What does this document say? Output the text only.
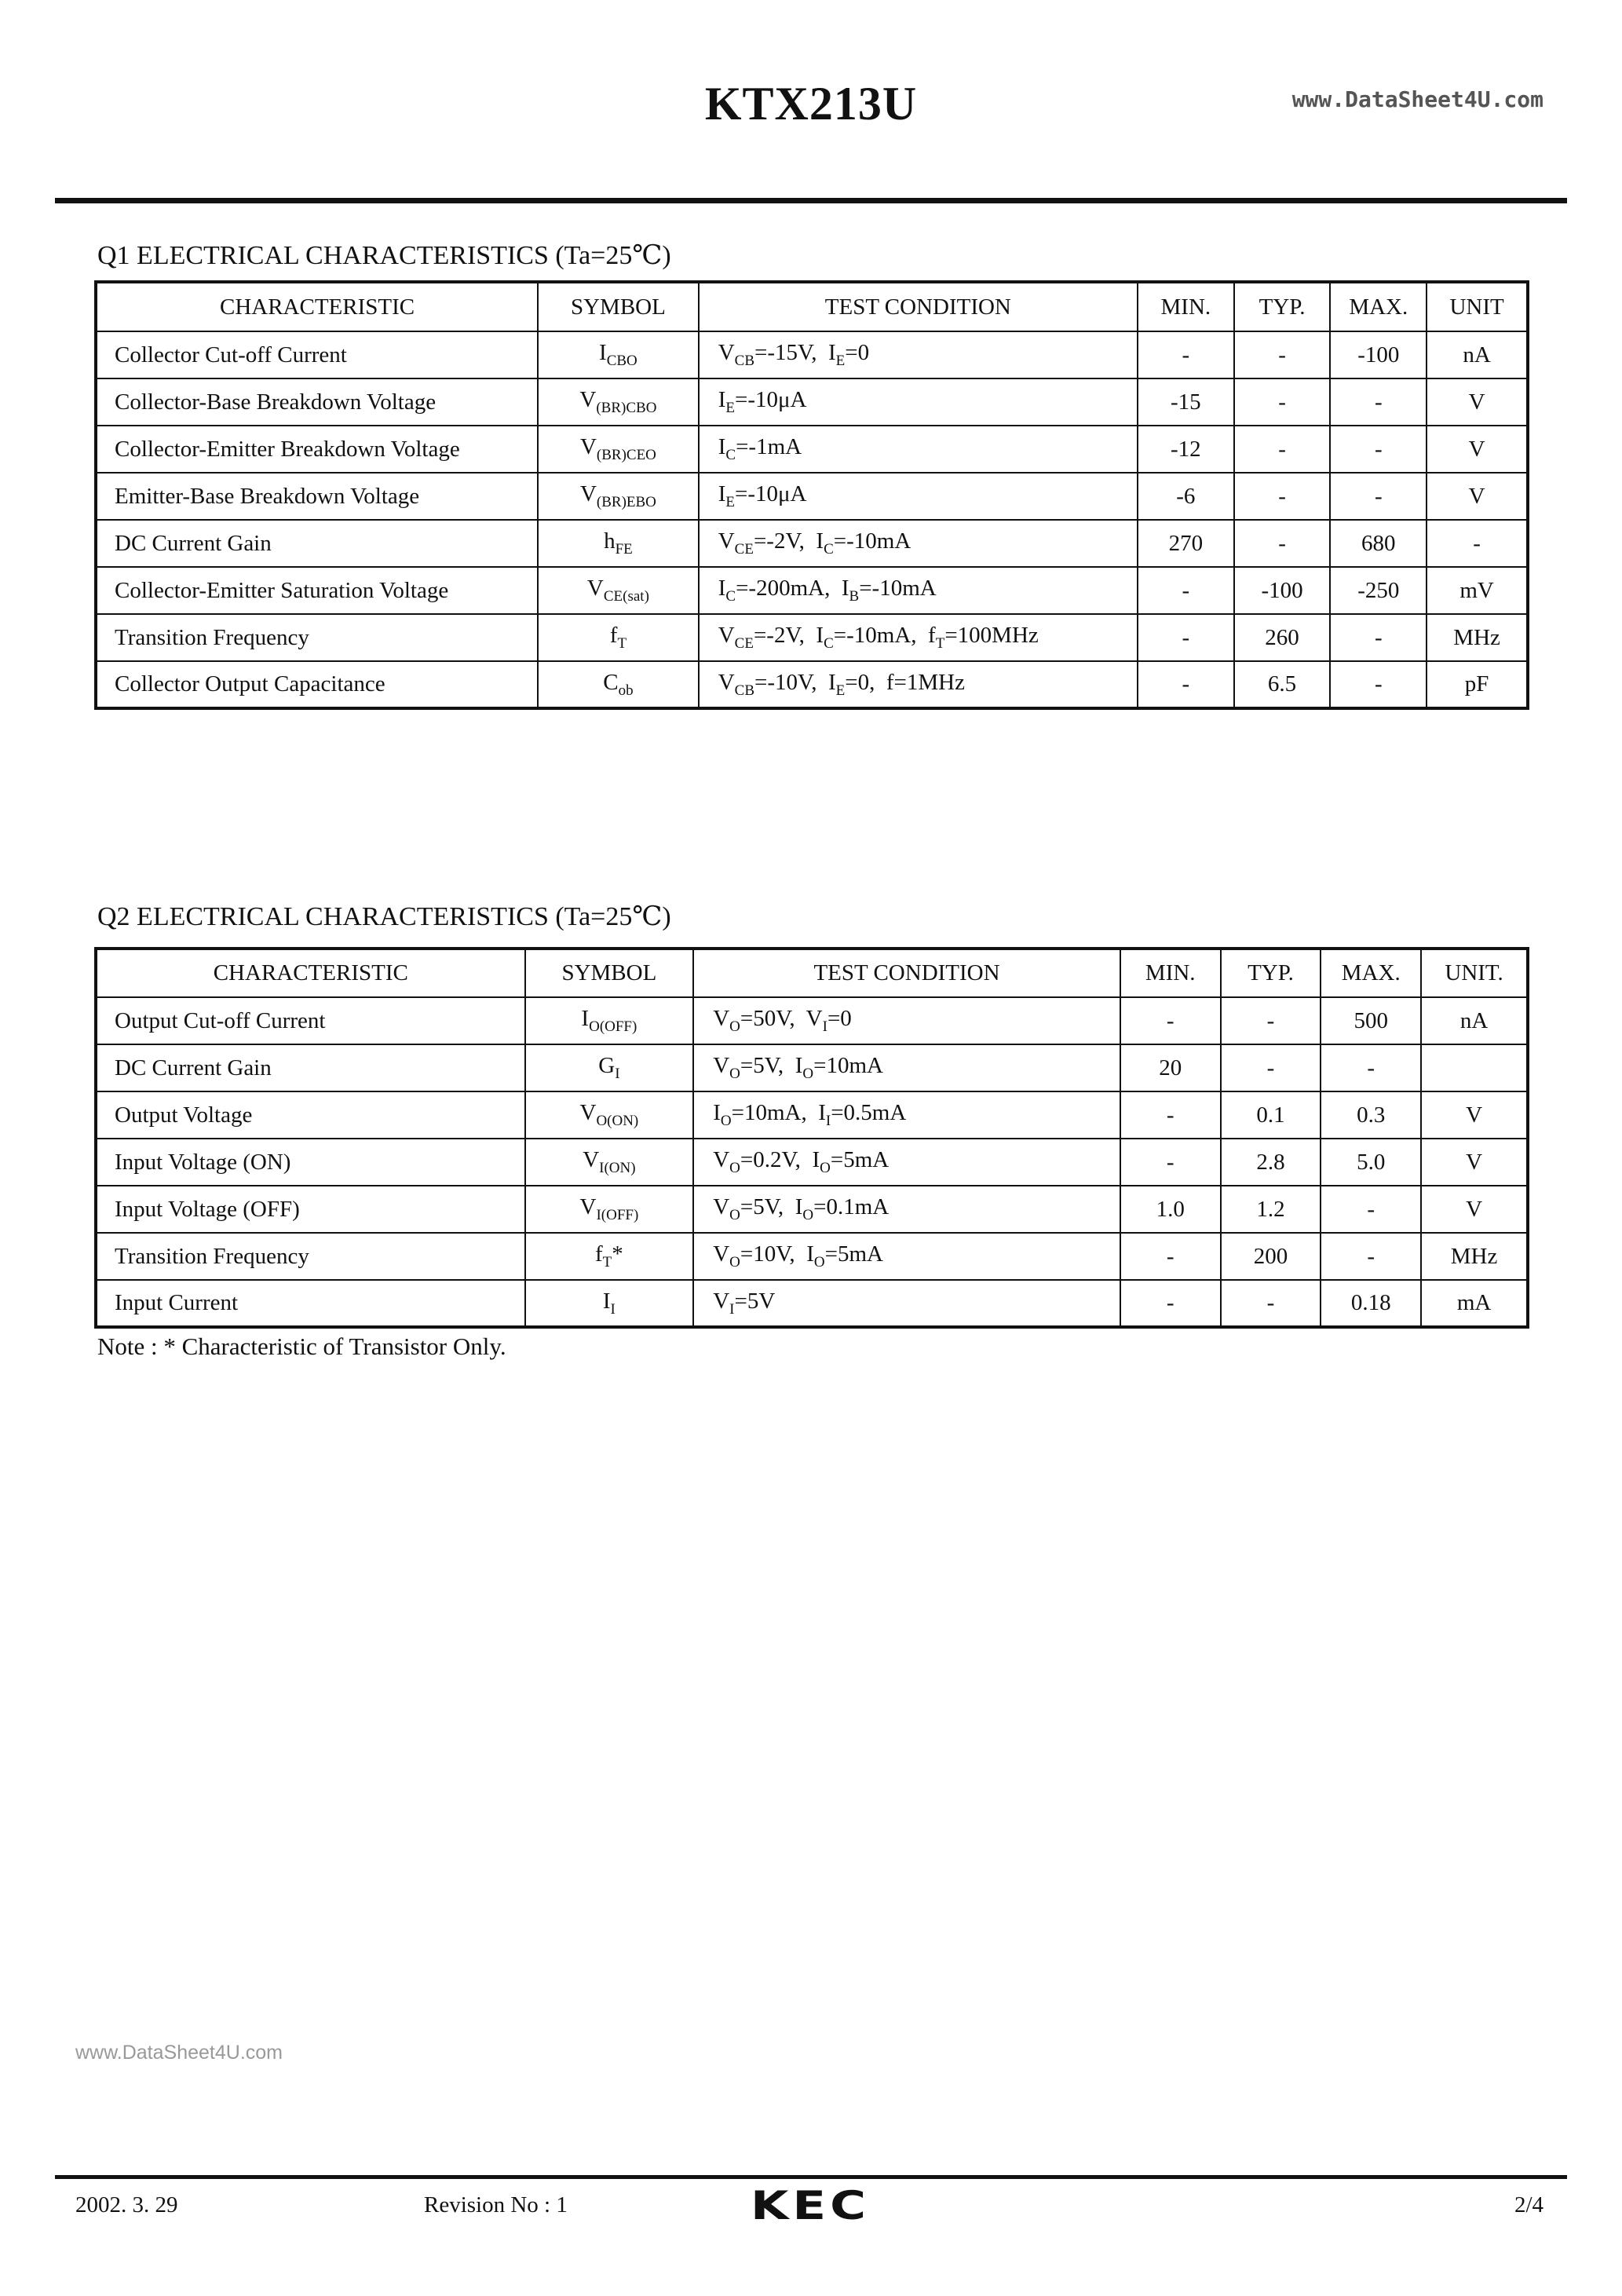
KTX213U	www.DataSheet4U.com
Q1 ELECTRICAL CHARACTERISTICS (Ta=25℃)
CHARACTERISTIC	SYMBOL	TEST CONDITION	MIN.	TYP.	MAX.	UNIT
Collector Cut-off Current	$I_{CBO}$	$V_{CB}=-15V$,  $I_E=0$	-	-	-100	nA
Collector-Base Breakdown Voltage	$V_{(BR)CBO}$	$I_E=-10\mu A$	-15	-	-	V
Collector-Emitter Breakdown Voltage	$V_{(BR)CEO}$	$I_C=-1mA$	-12	-	-	V
Emitter-Base Breakdown Voltage	$V_{(BR)EBO}$	$I_E=-10\mu A$	-6	-	-	V
DC Current Gain	$h_{FE}$	$V_{CE}=-2V$,  $I_C=-10mA$	270	-	680	-
Collector-Emitter Saturation Voltage	$V_{CE(sat)}$	$I_C=-200mA$,  $I_B=-10mA$	-	-100	-250	mV
Transition Frequency	$f_T$	$V_{CE}=-2V$,  $I_C=-10mA$,  $f_T=100MHz$	-	260	-	MHz
Collector Output Capacitance	$C_{ob}$	$V_{CB}=-10V$,  $I_E=0$,  f=1MHz	-	6.5	-	pF
Q2 ELECTRICAL CHARACTERISTICS (Ta=25℃)
CHARACTERISTIC	SYMBOL	TEST CONDITION	MIN.	TYP.	MAX.	UNIT.
Output Cut-off Current	$I_{O(OFF)}$	$V_O=50V$,  $V_I=0$	-	-	500	nA
DC Current Gain	$G_I$	$V_O=5V$,  $I_O=10mA$	20	-	-	
Output Voltage	$V_{O(ON)}$	$I_O=10mA$,  $I_I=0.5mA$	-	0.1	0.3	V
Input Voltage (ON)	$V_{I(ON)}$	$V_O=0.2V$,  $I_O=5mA$	-	2.8	5.0	V
Input Voltage (OFF)	$V_{I(OFF)}$	$V_O=5V$,  $I_O=0.1mA$	1.0	1.2	-	V
Transition Frequency	$f_T*$	$V_O=10V$,  $I_O=5mA$	-	200	-	MHz
Input Current	$I_I$	$V_I=5V$	-	-	0.18	mA
Note : * Characteristic of Transistor Only.
www.DataSheet4U.com
2002. 3. 29	Revision No : 1	KEC	2/4
